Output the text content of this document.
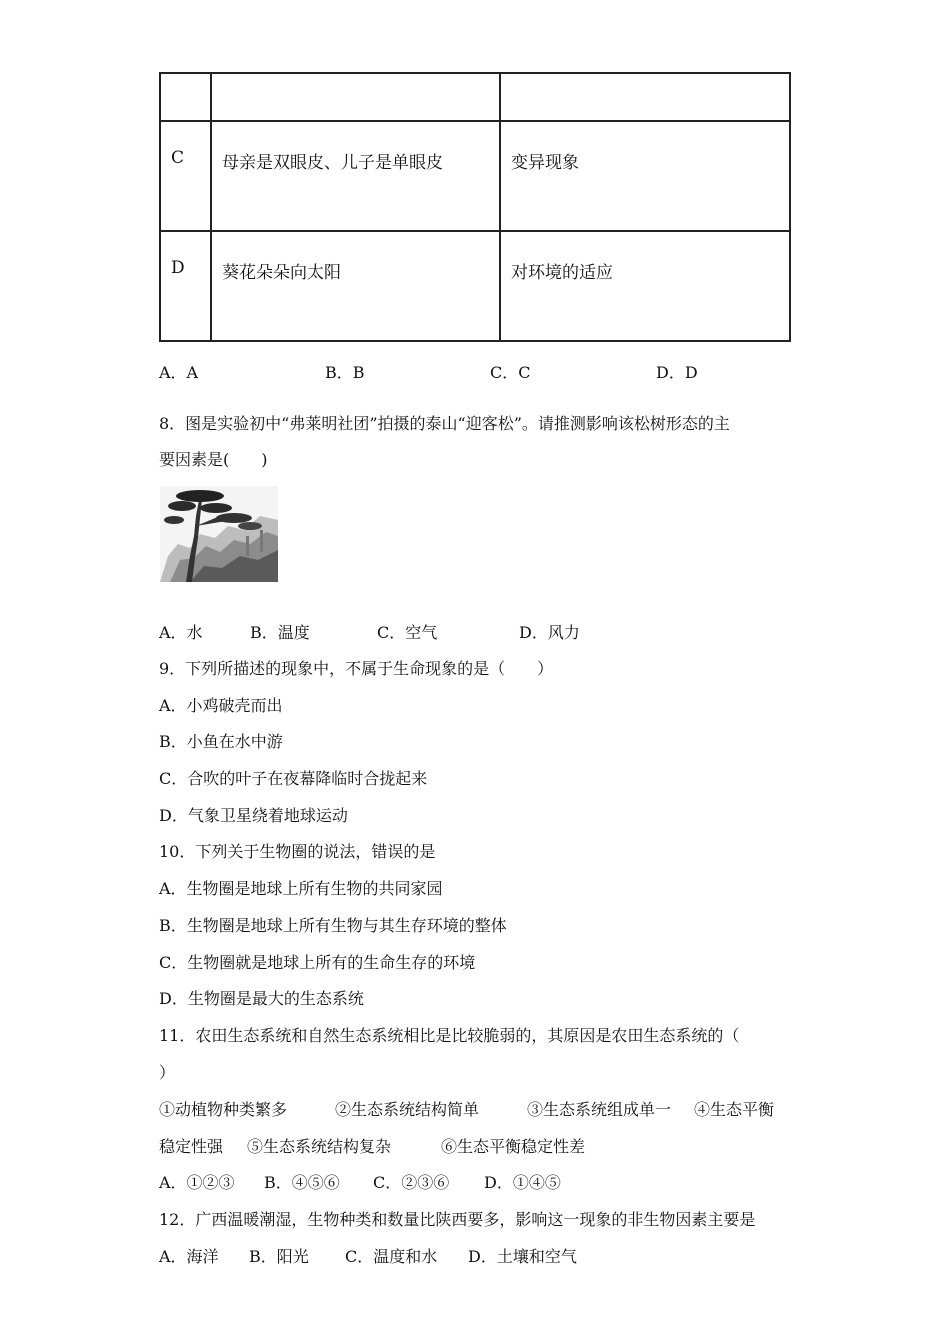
C	母亲是双眼皮、儿子是单眼皮	变异现象

D	葵花朵朵向太阳	对环境的适应
A．A	B．B	C．C	D．D
8．图是实验初中“弗莱明社团”拍摄的泰山“迎客松”。请推测影响该松树形态的主
要因素是(　　)
A．水	B．温度	C．空气	D．风力
9．下列所描述的现象中，不属于生命现象的是（　　）
A．小鸡破壳而出
B．小鱼在水中游
C．合吹的叶子在夜幕降临时合拢起来
D．气象卫星绕着地球运动
10．下列关于生物圈的说法，错误的是
A．生物圈是地球上所有生物的共同家园
B．生物圈是地球上所有生物与其生存环境的整体
C．生物圈就是地球上所有的生命生存的环境
D．生物圈是最大的生态系统
11．农田生态系统和自然生态系统相比是比较脆弱的，其原因是农田生态系统的（
）
①动植物种类繁多	②生态系统结构简单	③生态系统组成单一 ④生态平衡
稳定性强 ⑤生态系统结构复杂	⑥生态平衡稳定性差
A．①②③ B．④⑤⑥ C．②③⑥ D．①④⑤
12．广西温暖潮湿，生物种类和数量比陕西要多，影响这一现象的非生物因素主要是
A．海洋 B．阳光 C．温度和水 D．土壤和空气
